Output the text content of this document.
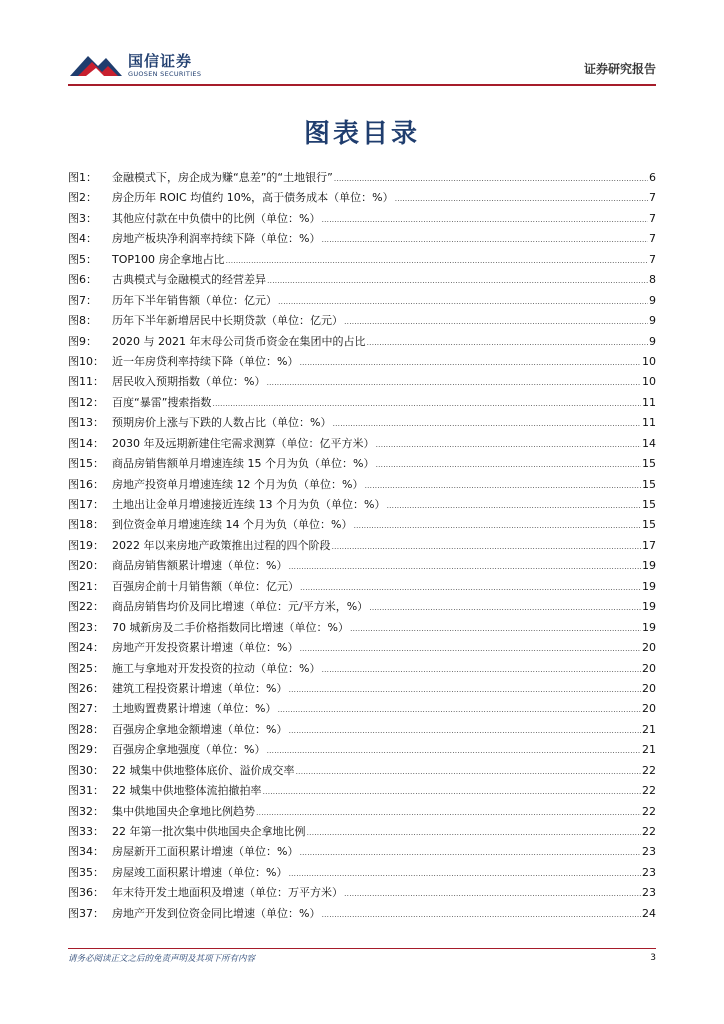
国信证券
GUOSEN SECURITIES	证券研究报告
图表目录
图1：	金融模式下，房企成为赚“息差”的“土地银行” .....	6
图2：	房企历年 ROIC 均值约 10%，高于债务成本（单位：%） .....	7
图3：	其他应付款在中负债中的比例（单位：%） .....	7
图4：	房地产板块净利润率持续下降（单位：%） .....	7
图5：	TOP100 房企拿地占比 .....	7
图6：	古典模式与金融模式的经营差异 .....	8
图7：	历年下半年销售额（单位：亿元） .....	9
图8：	历年下半年新增居民中长期贷款（单位：亿元） .....	9
图9：	2020 与 2021 年末母公司货币资金在集团中的占比 .....	9
图10： 近一年房贷利率持续下降（单位：%） .....	10
图11： 居民收入预期指数（单位：%） .....	10
图12： 百度“暴雷”搜索指数 .....	11
图13： 预期房价上涨与下跌的人数占比（单位：%） .....	11
图14： 2030 年及远期新建住宅需求测算（单位：亿平方米） .....	14
图15： 商品房销售额单月增速连续 15 个月为负（单位：%） .....	15
图16： 房地产投资单月增速连续 12 个月为负（单位：%） .....	15
图17： 土地出让金单月增速接近连续 13 个月为负（单位：%） .....	15
图18： 到位资金单月增速连续 14 个月为负（单位：%） .....	15
图19： 2022 年以来房地产政策推出过程的四个阶段 .....	17
图20： 商品房销售额累计增速（单位：%） .....	19
图21： 百强房企前十月销售额（单位：亿元） .....	19
图22： 商品房销售均价及同比增速（单位：元/平方米，%） .....	19
图23： 70 城新房及二手价格指数同比增速（单位：%） .....	19
图24： 房地产开发投资累计增速（单位：%） .....	20
图25： 施工与拿地对开发投资的拉动（单位：%） .....	20
图26： 建筑工程投资累计增速（单位：%） .....	20
图27： 土地购置费累计增速（单位：%） .....	20
图28： 百强房企拿地金额增速（单位：%） .....	21
图29： 百强房企拿地强度（单位：%） .....	21
图30： 22 城集中供地整体底价、溢价成交率 .....	22
图31： 22 城集中供地整体流拍撤拍率 .....	22
图32： 集中供地国央企拿地比例趋势 .....	22
图33： 22 年第一批次集中供地国央企拿地比例 .....	22
图34： 房屋新开工面积累计增速（单位：%） .....	23
图35： 房屋竣工面积累计增速（单位：%） .....	23
图36： 年末待开发土地面积及增速（单位：万平方米） .....	23
图37： 房地产开发到位资金同比增速（单位：%） .....	24
请务必阅读正文之后的免责声明及其项下所有内容	3
